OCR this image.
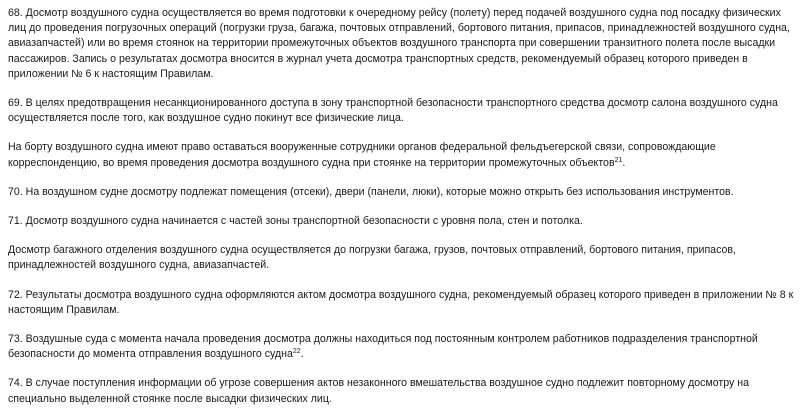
68. Досмотр воздушного судна осуществляется во время подготовки к очередному рейсу (полету) перед подачей воздушного судна под посадку физических лиц до проведения погрузочных операций (погрузки груза, багажа, почтовых отправлений, бортового питания, припасов, принадлежностей воздушного судна, авиазапчастей) или во время стоянок на территории промежуточных объектов воздушного транспорта при совершении транзитного полета после высадки пассажиров. Запись о результатах досмотра вносится в журнал учета досмотра транспортных средств, рекомендуемый образец которого приведен в приложении № 6 к настоящим Правилам.

69. В целях предотвращения несанкционированного доступа в зону транспортной безопасности транспортного средства досмотр салона воздушного судна осуществляется после того, как воздушное судно покинут все физические лица.

На борту воздушного судна имеют право оставаться вооруженные сотрудники органов федеральной фельдъегерской связи, сопровождающие корреспонденцию, во время проведения досмотра воздушного судна при стоянке на территории промежуточных объектов$^{21}$.

70. На воздушном судне досмотру подлежат помещения (отсеки), двери (панели, люки), которые можно открыть без использования инструментов.

71. Досмотр воздушного судна начинается с частей зоны транспортной безопасности с уровня пола, стен и потолка.

Досмотр багажного отделения воздушного судна осуществляется до погрузки багажа, грузов, почтовых отправлений, бортового питания, припасов, принадлежностей воздушного судна, авиазапчастей.

72. Результаты досмотра воздушного судна оформляются актом досмотра воздушного судна, рекомендуемый образец которого приведен в приложении № 8 к настоящим Правилам.

73. Воздушные суда с момента начала проведения досмотра должны находиться под постоянным контролем работников подразделения транспортной безопасности до момента отправления воздушного судна$^{22}$.

74. В случае поступления информации об угрозе совершения актов незаконного вмешательства воздушное судно подлежит повторному досмотру на специально выделенной стоянке после высадки физических лиц.
